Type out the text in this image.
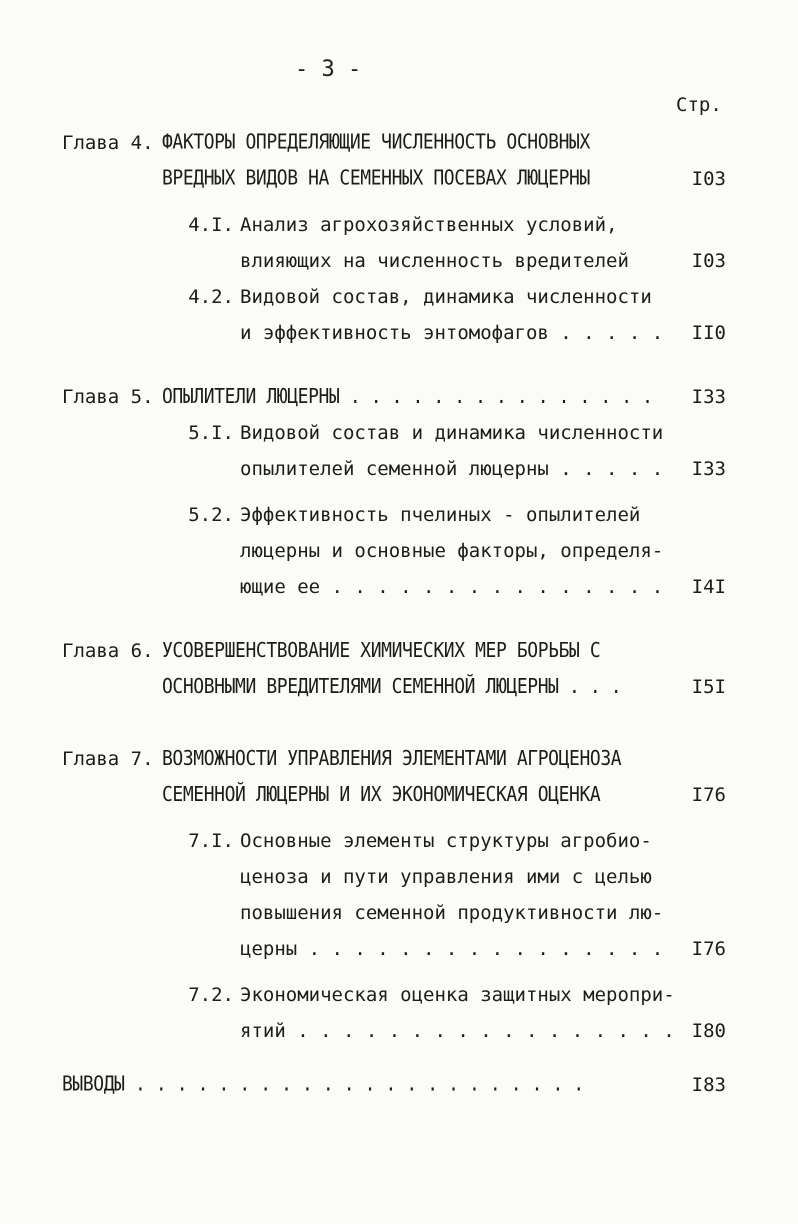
- 3 -
Стр.
Глава 4. ФАКТОРЫ ОПРЕДЕЛЯЮЩИЕ ЧИСЛЕННОСТЬ ОСНОВНЫХ
ВРЕДНЫХ ВИДОВ НА СЕМЕННЫХ ПОСЕВАХ ЛЮЦЕРНЫ	I03
4.I. Анализ агрохозяйственных условий,
влияющих на численность вредителей	I03
4.2. Видовой состав, динамика численности
и эффективность энтомофагов . . . . .	II0
Глава 5. ОПЫЛИТЕЛИ ЛЮЦЕРНЫ . . . . . . . . . . . . . . .	I33
5.I. Видовой состав и динамика численности
опылителей семенной люцерны . . . . .	I33
5.2. Эффективность пчелиных - опылителей
люцерны и основные факторы, определя-
ющие ее . . . . . . . . . . . . . . .	I4I
Глава 6. УСОВЕРШЕНСТВОВАНИЕ ХИМИЧЕСКИХ МЕР БОРЬБЫ С
ОСНОВНЫМИ ВРЕДИТЕЛЯМИ СЕМЕННОЙ ЛЮЦЕРНЫ . . .	I5I
Глава 7. ВОЗМОЖНОСТИ УПРАВЛЕНИЯ ЭЛЕМЕНТАМИ АГРОЦЕНОЗА
СЕМЕННОЙ ЛЮЦЕРНЫ И ИХ ЭКОНОМИЧЕСКАЯ ОЦЕНКА	I76
7.I. Основные элементы структуры агробио-
ценоза и пути управления ими с целью
повышения семенной продуктивности лю-
церны . . . . . . . . . . . . . . . .	I76
7.2. Экономическая оценка защитных меропри-
ятий . . . . . . . . . . . . . . . . . I80
ВЫВОДЫ . . . . . . . . . . . . . . . . . . . . . .	I83
